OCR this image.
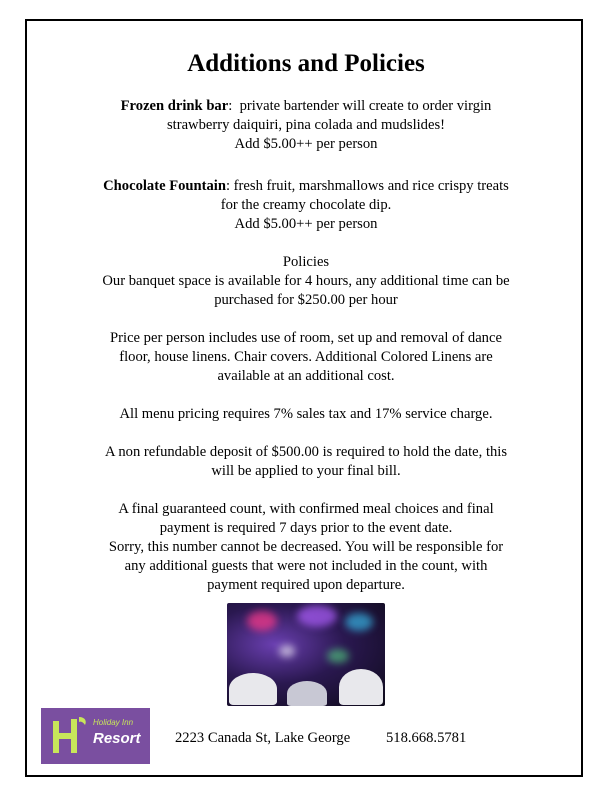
Additions and Policies
Frozen drink bar:  private bartender will create to order virgin
strawberry daiquiri, pina colada and mudslides!
Add $5.00++ per person
Chocolate Fountain: fresh fruit, marshmallows and rice crispy treats
for the creamy chocolate dip.
Add $5.00++ per person
Policies
Our banquet space is available for 4 hours, any additional time can be
purchased for $250.00 per hour
Price per person includes use of room, set up and removal of dance
floor, house linens. Chair covers. Additional Colored Linens are
available at an additional cost.
All menu pricing requires 7% sales tax and 17% service charge.
A non refundable deposit of $500.00 is required to hold the date, this
will be applied to your final bill.
A final guaranteed count, with confirmed meal choices and final
payment is required 7 days prior to the event date.
Sorry, this number cannot be decreased. You will be responsible for
any additional guests that were not included in the count, with
payment required upon departure.
Holiday Inn
Resort 2223 Canada St, Lake George 518.668.5781
